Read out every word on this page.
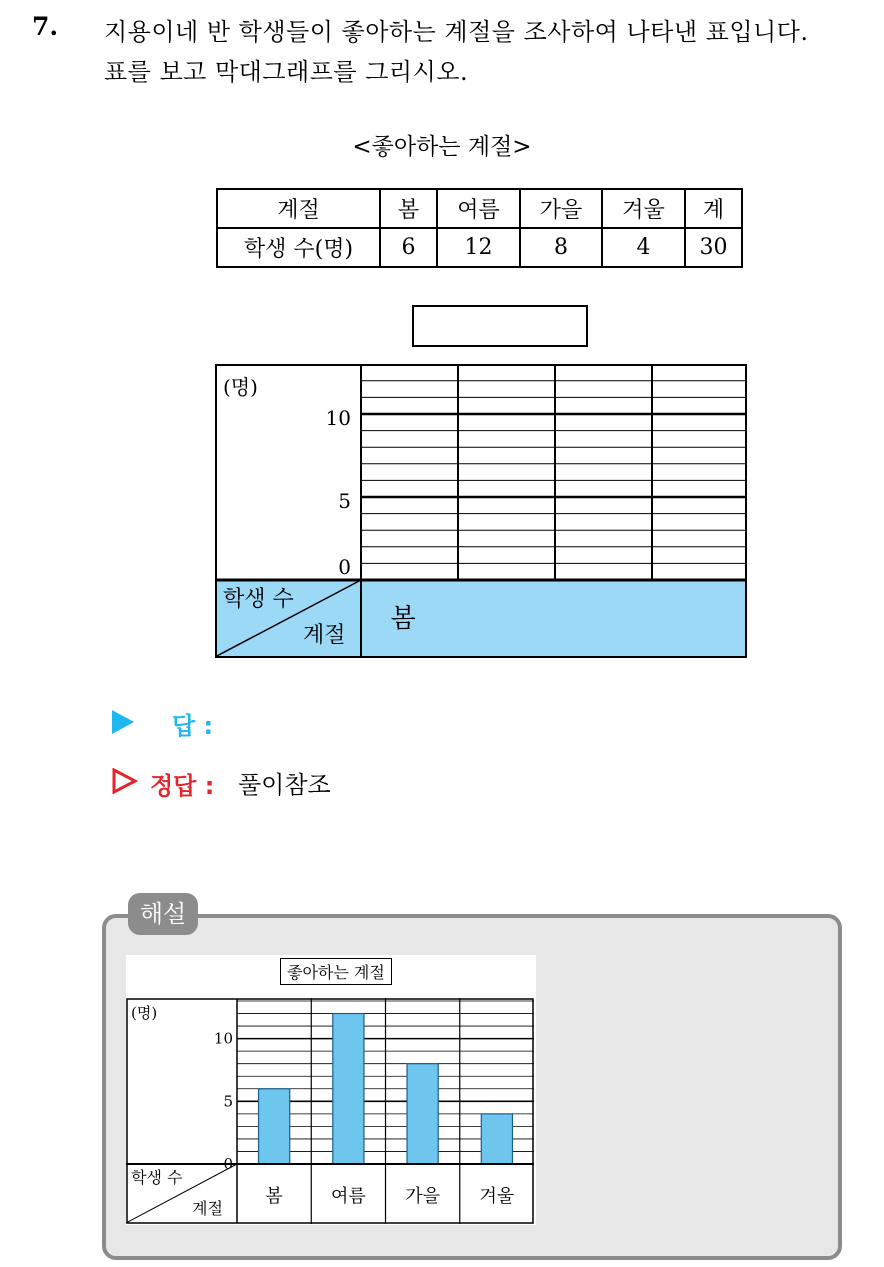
7. 지용이네 반 학생들이 좋아하는 계절을 조사하여 나타낸 표입니다.
표를 보고 막대그래프를 그리시오.
<좋아하는 계절>
계절	봄	여름	가을	겨울	계
학생 수(명)	6	12	8	4	30
(명)
10
5
0
학생 수
계절
봄
답 :
정답 : 풀이참조
해설
좋아하는 계절
(명)
0
5
10
학생 수
계절
봄	여름 가을 겨울
